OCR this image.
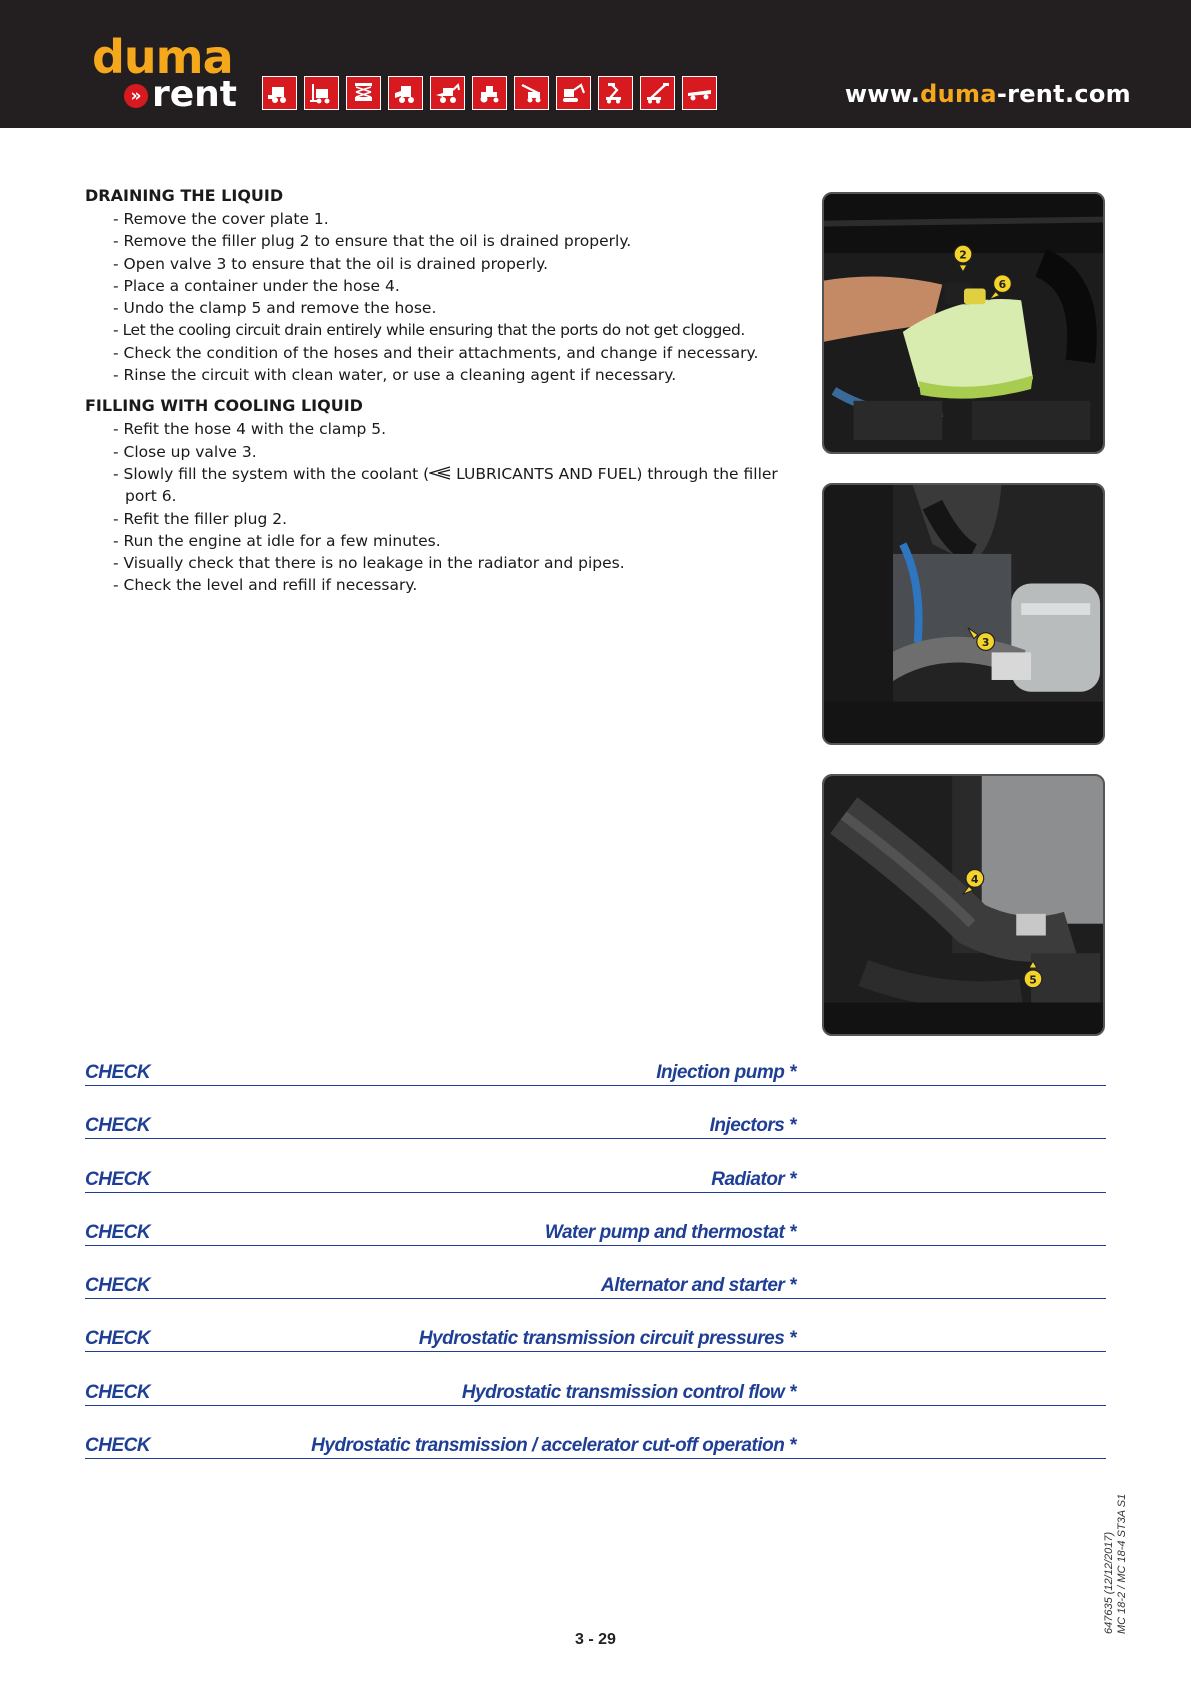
duma
» rent	www.duma-rent.com
DRAINING THE LIQUID
- Remove the cover plate 1.
- Remove the filler plug 2 to ensure that the oil is drained properly.
- Open valve 3 to ensure that the oil is drained properly.
- Place a container under the hose 4.
- Undo the clamp 5 and remove the hose.
- Let the cooling circuit drain entirely while ensuring that the ports do not get clogged.
- Check the condition of the hoses and their attachments, and change if necessary.
- Rinse the circuit with clean water, or use a cleaning agent if necessary.
FILLING WITH COOLING LIQUID
- Refit the hose 4 with the clamp 5.
- Close up valve 3.
- Slowly fill the system with the coolant ( LUBRICANTS AND FUEL) through the filler port 6.
- Refit the filler plug 2.
- Run the engine at idle for a few minutes.
- Visually check that there is no leakage in the radiator and pipes.
- Check the level and refill if necessary.
2
6
3
4
5
CHECK	Injection pump *
CHECK	Injectors *
CHECK	Radiator *
CHECK	Water pump and thermostat *
CHECK	Alternator and starter *
CHECK	Hydrostatic transmission circuit pressures *
CHECK	Hydrostatic transmission control flow *
CHECK	Hydrostatic transmission / accelerator cut-off operation *
647635 (12/12/2017) MC 18-2 / MC 18-4 ST3A S1
3 - 29
